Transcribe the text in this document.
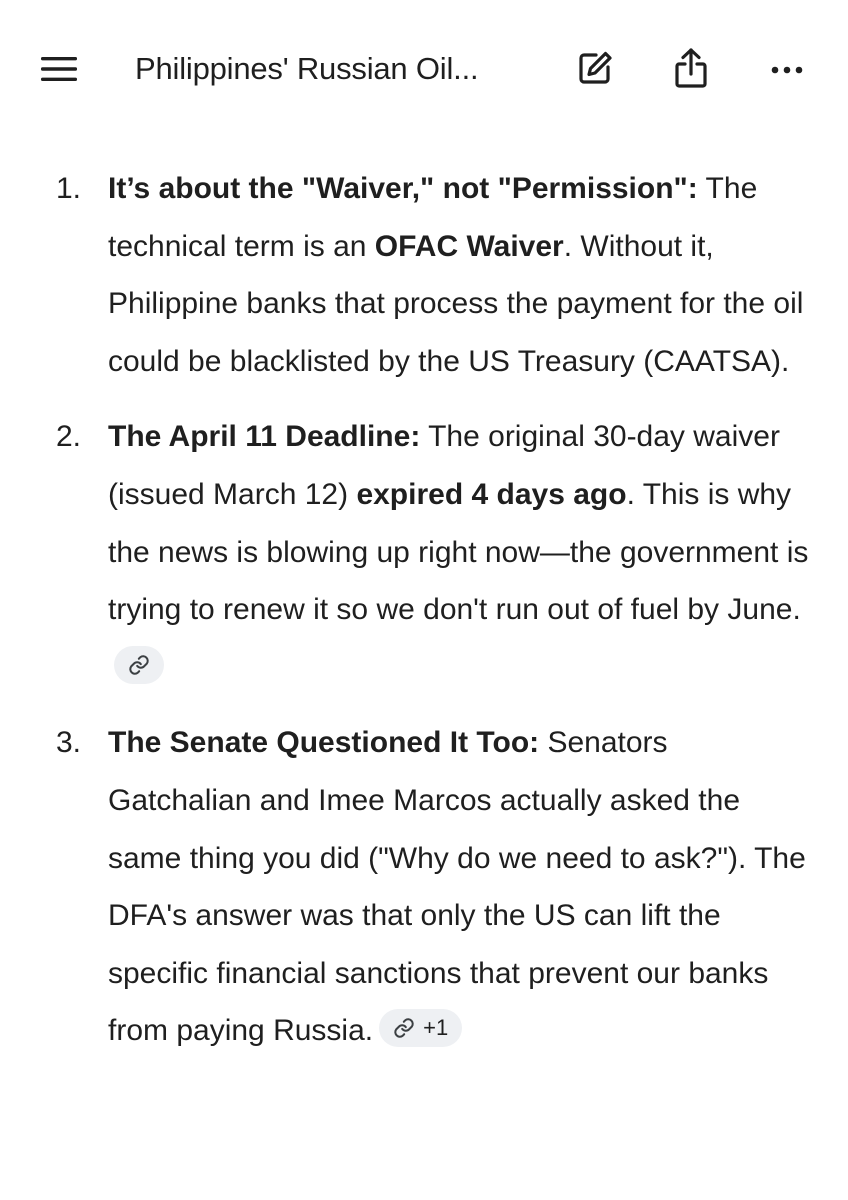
Philippines' Russian Oil...
1. It’s about the "Waiver," not "Permission": The technical term is an OFAC Waiver. Without it, Philippine banks that process the payment for the oil could be blacklisted by the US Treasury (CAATSA).
2. The April 11 Deadline: The original 30-day waiver (issued March 12) expired 4 days ago. This is why the news is blowing up right now—the government is trying to renew it so we don't run out of fuel by June.
3. The Senate Questioned It Too: Senators Gatchalian and Imee Marcos actually asked the same thing you did ("Why do we need to ask?"). The DFA's answer was that only the US can lift the specific financial sanctions that prevent our banks from paying Russia. +1
